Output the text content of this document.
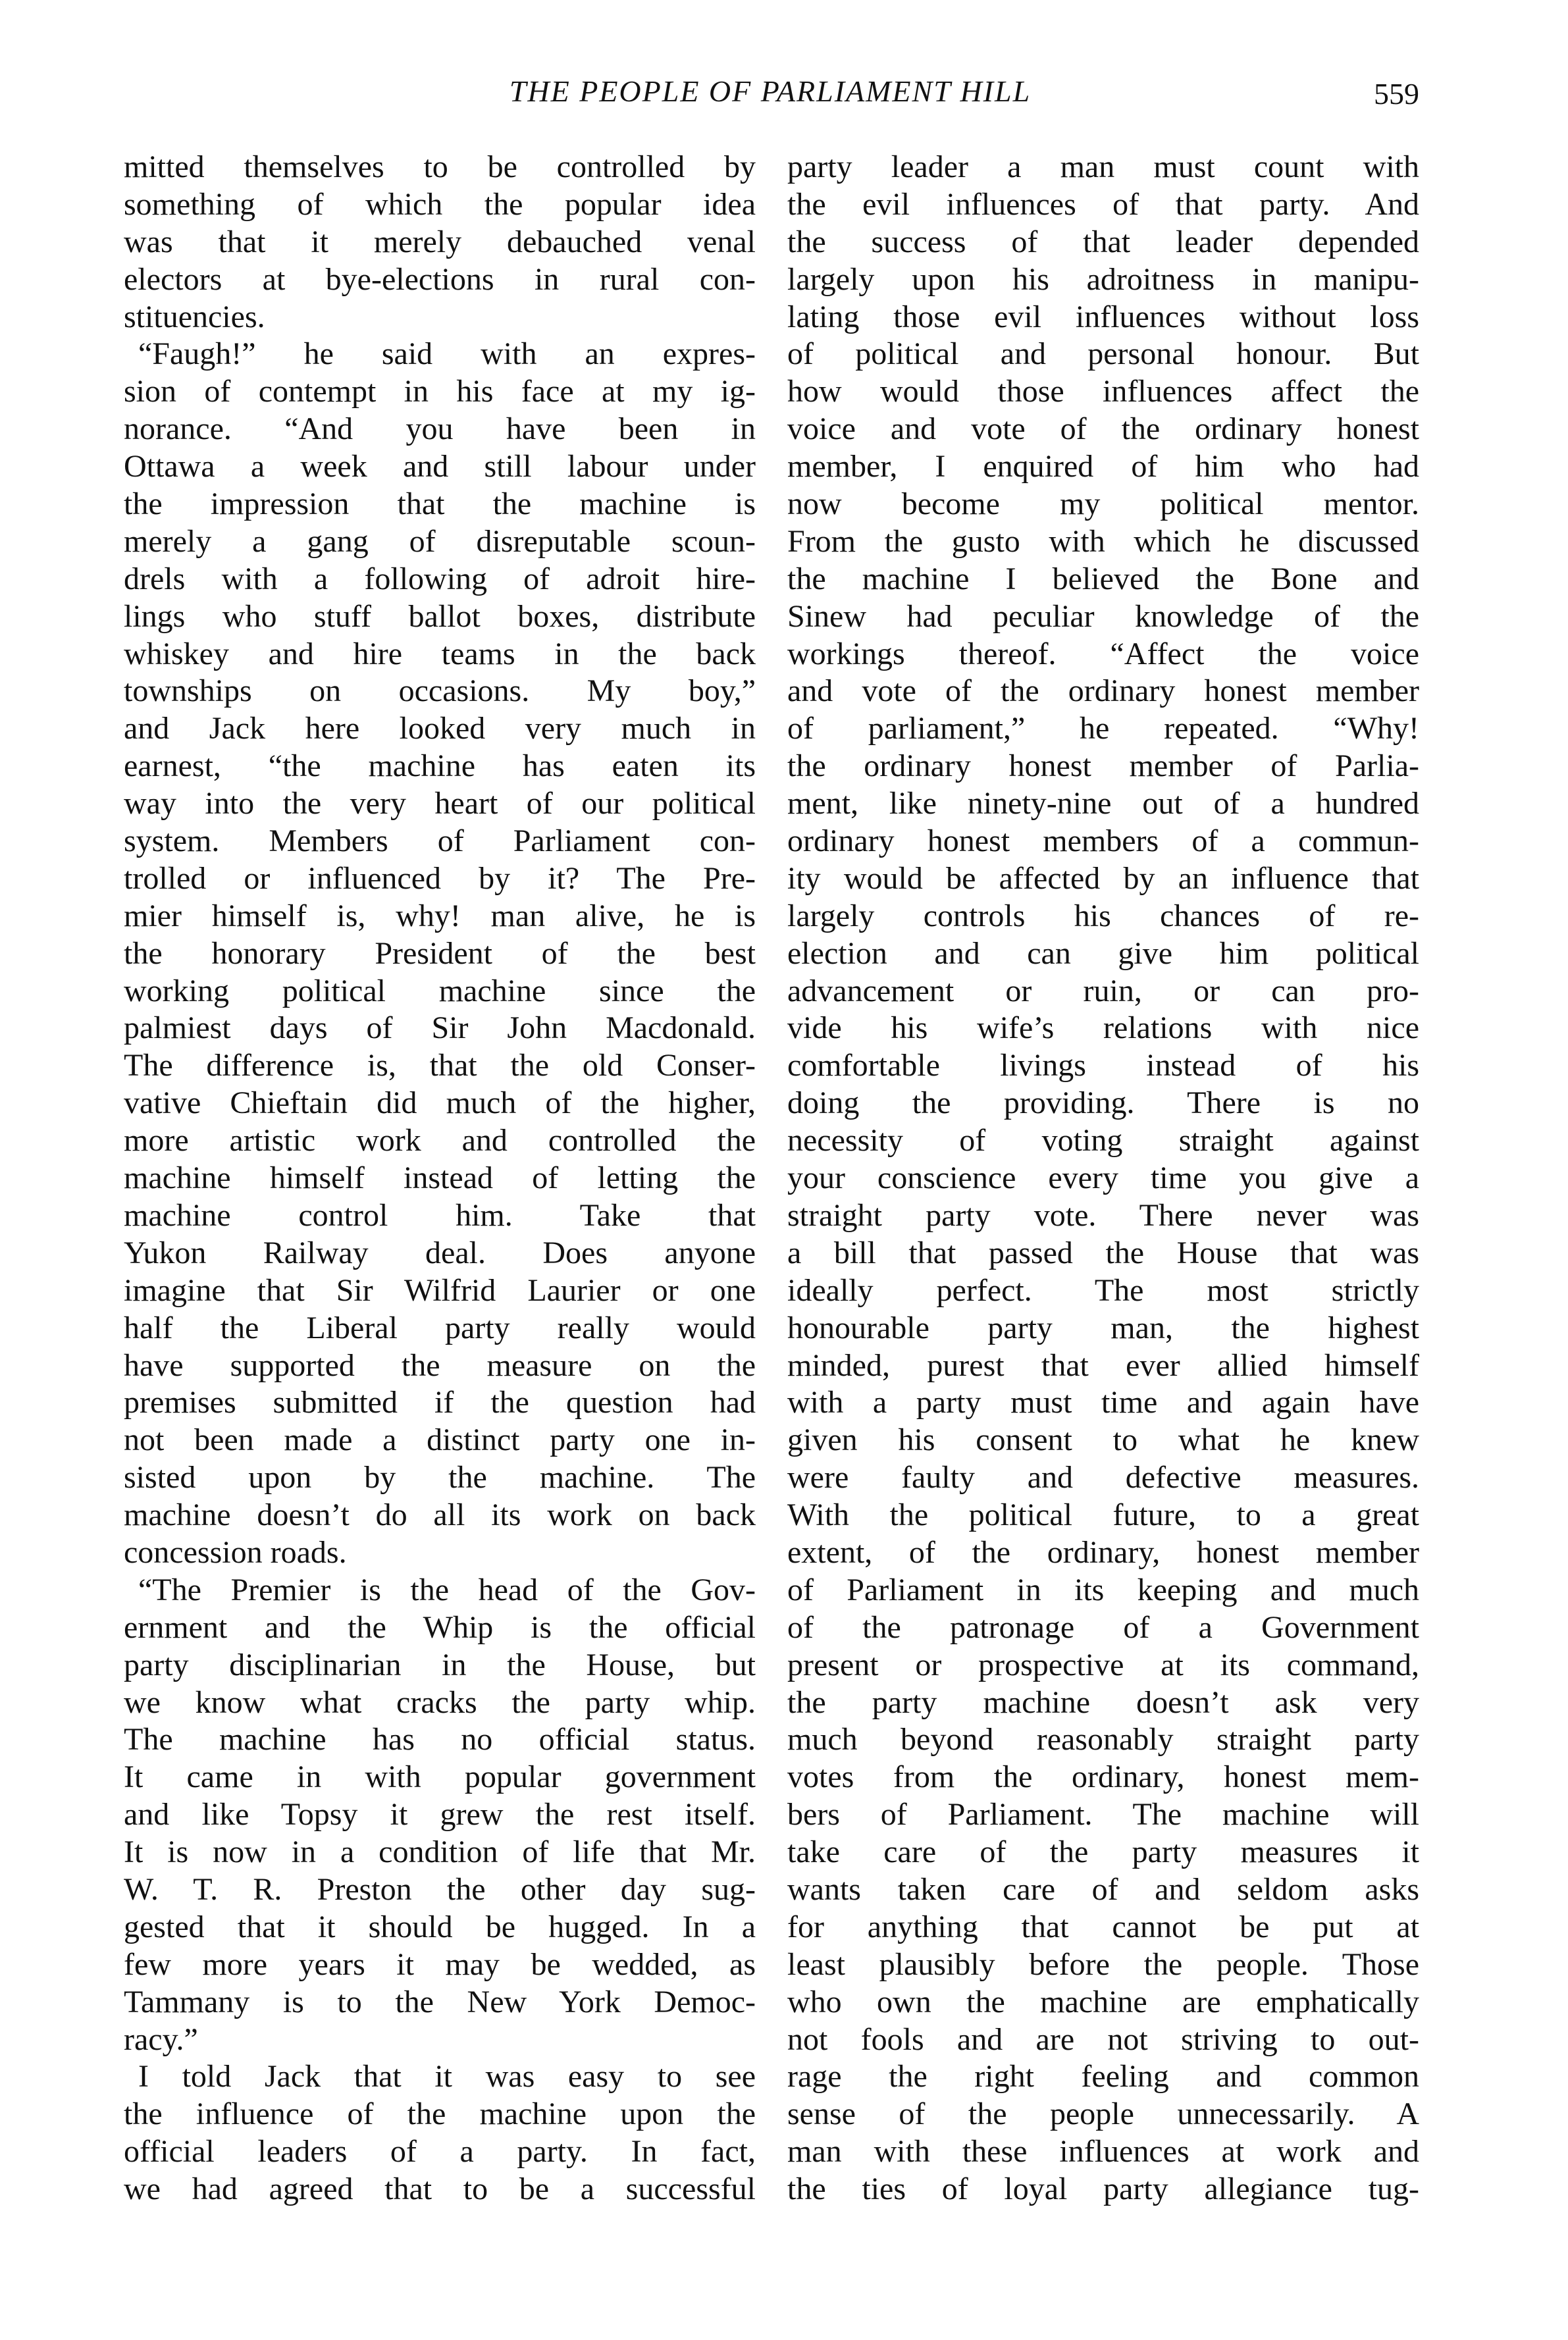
THE PEOPLE OF PARLIAMENT HILL	559
mitted themselves to be controlled by
something of which the popular idea
was that it merely debauched venal
electors at bye-elections in rural con-
stituencies.
“Faugh!” he said with an expres-
sion of contempt in his face at my ig-
norance. “And you have been in
Ottawa a week and still labour under
the impression that the machine is
merely a gang of disreputable scoun-
drels with a following of adroit hire-
lings who stuff ballot boxes, distribute
whiskey and hire teams in the back
townships on occasions. My boy,”
and Jack here looked very much in
earnest, “the machine has eaten its
way into the very heart of our political
system. Members of Parliament con-
trolled or influenced by it? The Pre-
mier himself is, why! man alive, he is
the honorary President of the best
working political machine since the
palmiest days of Sir John Macdonald.
The difference is, that the old Conser-
vative Chieftain did much of the higher,
more artistic work and controlled the
machine himself instead of letting the
machine control him. Take that
Yukon Railway deal. Does anyone
imagine that Sir Wilfrid Laurier or one
half the Liberal party really would
have supported the measure on the
premises submitted if the question had
not been made a distinct party one in-
sisted upon by the machine. The
machine doesn’t do all its work on back
concession roads.
“The Premier is the head of the Gov-
ernment and the Whip is the official
party disciplinarian in the House, but
we know what cracks the party whip.
The machine has no official status.
It came in with popular government
and like Topsy it grew the rest itself.
It is now in a condition of life that Mr.
W. T. R. Preston the other day sug-
gested that it should be hugged. In a
few more years it may be wedded, as
Tammany is to the New York Democ-
racy.”
I told Jack that it was easy to see
the influence of the machine upon the
official leaders of a party. In fact,
we had agreed that to be a successful
party leader a man must count with
the evil influences of that party. And
the success of that leader depended
largely upon his adroitness in manipu-
lating those evil influences without loss
of political and personal honour. But
how would those influences affect the
voice and vote of the ordinary honest
member, I enquired of him who had
now become my political mentor.
From the gusto with which he discussed
the machine I believed the Bone and
Sinew had peculiar knowledge of the
workings thereof. “Affect the voice
and vote of the ordinary honest member
of parliament,” he repeated. “Why!
the ordinary honest member of Parlia-
ment, like ninety-nine out of a hundred
ordinary honest members of a commun-
ity would be affected by an influence that
largely controls his chances of re-
election and can give him political
advancement or ruin, or can pro-
vide his wife’s relations with nice
comfortable livings instead of his
doing the providing. There is no
necessity of voting straight against
your conscience every time you give a
straight party vote. There never was
a bill that passed the House that was
ideally perfect. The most strictly
honourable party man, the highest
minded, purest that ever allied himself
with a party must time and again have
given his consent to what he knew
were faulty and defective measures.
With the political future, to a great
extent, of the ordinary, honest member
of Parliament in its keeping and much
of the patronage of a Government
present or prospective at its command,
the party machine doesn’t ask very
much beyond reasonably straight party
votes from the ordinary, honest mem-
bers of Parliament. The machine will
take care of the party measures it
wants taken care of and seldom asks
for anything that cannot be put at
least plausibly before the people. Those
who own the machine are emphatically
not fools and are not striving to out-
rage the right feeling and common
sense of the people unnecessarily. A
man with these influences at work and
the ties of loyal party allegiance tug-
